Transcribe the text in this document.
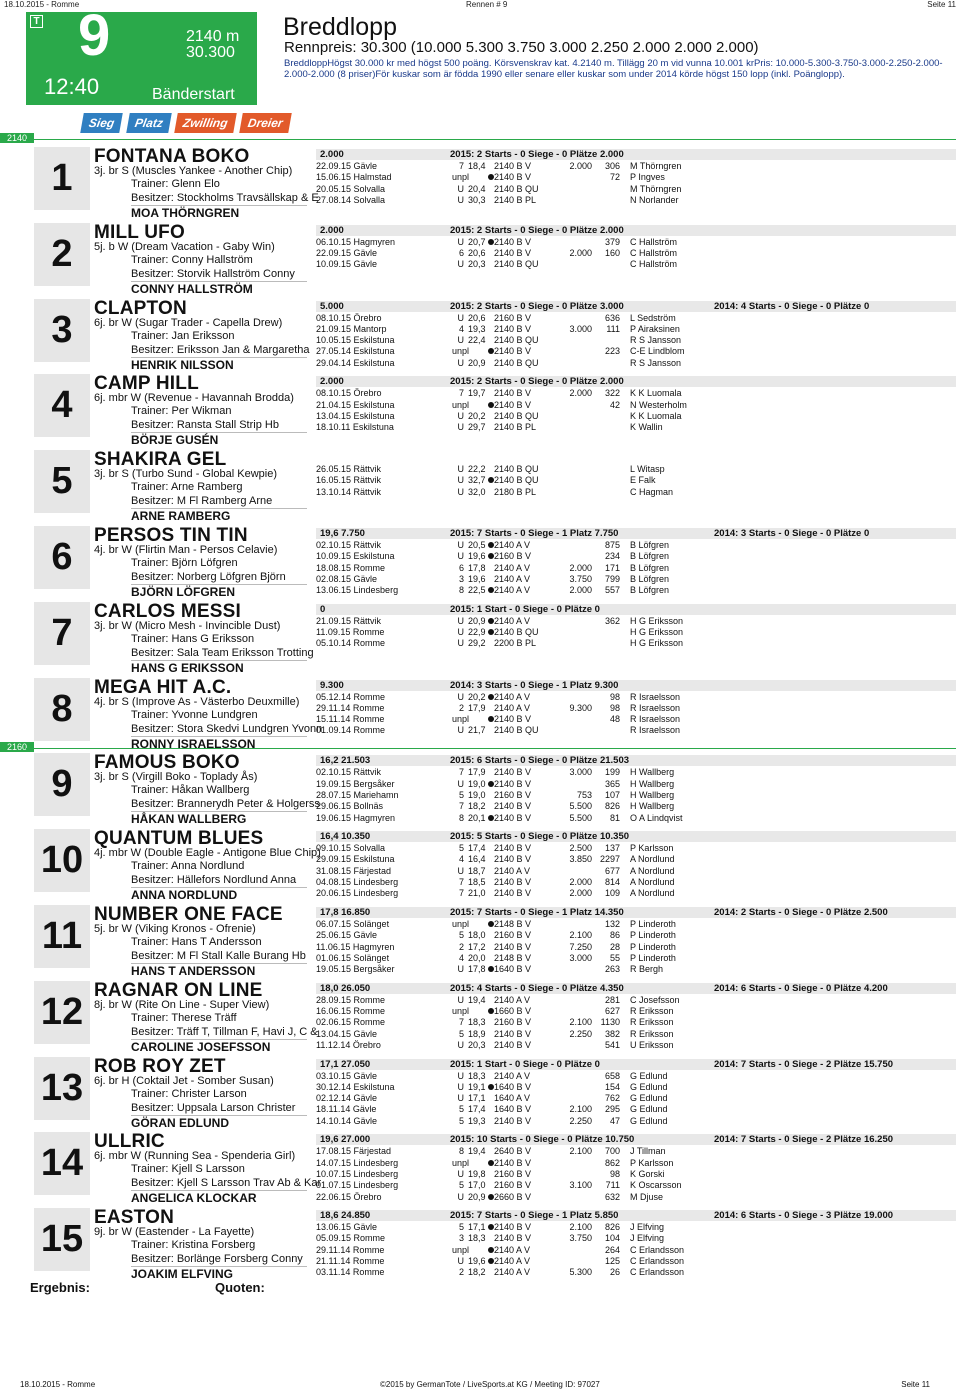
18.10.2015 - Romme	Rennen # 9	Seite 11
T 9
12:40
2140 m
30.300
Bänderstart
Breddlopp
Rennpreis: 30.300 (10.000 5.300 3.750 3.000 2.250 2.000 2.000 2.000)
BreddloppHögst 30.000 kr med högst 500 poäng. Körsvenskrav kat. 4.2140 m. Tillägg 20 m vid vunna 10.001 krPris: 10.000-5.300-3.750-3.000-2.250-2.000-2.000-2.000 (8 priser)För kuskar som är födda 1990 eller senare eller kuskar som under 2014 körde högst 150 lopp (inkl. Poänglopp).
Sieg Platz Zwilling Dreier
2140
2160
1
FONTANA BOKO
3j. br S (Muscles Yankee - Another Chip)
Trainer: Glenn Elo
Besitzer: Stockholms Travsällskap & E
MOA THÖRNGREN
2.000	2015: 2 Starts - 0 Siege - 0 Plätze 2.000
22.09.15 Gävle	7 18,4 2140 B V	2.000	306 M Thörngren
15.06.15 Halmstad	unpl	2140 B V	72 P Ingves
20.05.15 Solvalla	U 20,4 2140 B QU	M Thörngren
27.08.14 Solvalla	U 30,3 2140 B PL	N Norlander
2
MILL UFO
5j. b W (Dream Vacation - Gaby Win)
Trainer: Conny Hallström
Besitzer: Storvik Hallström Conny
CONNY HALLSTRÖM
2.000	2015: 2 Starts - 0 Siege - 0 Plätze 2.000
06.10.15 Hagmyren	U 20,7 2140 B V	379 C Hallström
22.09.15 Gävle	6 20,6 2140 B V	2.000	160 C Hallström
10.09.15 Gävle	U 20,3 2140 B QU	C Hallström
3
CLAPTON
6j. br W (Sugar Trader - Capella Drew)
Trainer: Jan Eriksson
Besitzer: Eriksson Jan & Margaretha
HENRIK NILSSON
5.000	2015: 2 Starts - 0 Siege - 0 Plätze 3.000	2014: 4 Starts - 0 Siege - 0 Plätze 0
08.10.15 Örebro	U 20,6 2160 B V	636 L Sedström
21.09.15 Mantorp	4 19,3 2140 B V	3.000	111 P Airaksinen
10.05.15 Eskilstuna	U 22,4 2140 B QU	R S Jansson
27.05.14 Eskilstuna	unpl	2140 B V	223 C-E Lindblom
29.04.14 Eskilstuna	U 20,9 2140 B QU	R S Jansson
4
CAMP HILL
6j. mbr W (Revenue - Havannah Brodda)
Trainer: Per Wikman
Besitzer: Ransta Stall Strip Hb
BÖRJE GUSÉN
2.000	2015: 2 Starts - 0 Siege - 0 Plätze 2.000
08.10.15 Örebro	7 19,7 2140 B V	2.000	322 K K Luomala
21.04.15 Eskilstuna	unpl	2140 B V	42 N Westerholm
13.04.15 Eskilstuna	U 20,2 2140 B QU	K K Luomala
18.10.11 Eskilstuna	U 29,7 2140 B PL	K Wallin
5
SHAKIRA GEL
3j. br S (Turbo Sund - Global Kewpie)
Trainer: Arne Ramberg
Besitzer: M Fl Ramberg Arne
ARNE RAMBERG
26.05.15 Rättvik	U 22,2 2140 B QU	L Witasp
16.05.15 Rättvik	U 32,7 2140 B QU	E Falk
13.10.14 Rättvik	U 32,0 2180 B PL	C Hagman
6
PERSOS TIN TIN
4j. br W (Flirtin Man - Persos Celavie)
Trainer: Björn Löfgren
Besitzer: Norberg Löfgren Björn
BJÖRN LÖFGREN
19,6 7.750	2015: 7 Starts - 0 Siege - 1 Platz 7.750	2014: 3 Starts - 0 Siege - 0 Plätze 0
02.10.15 Rättvik	U 20,5 2140 A V	875 B Löfgren
10.09.15 Eskilstuna	U 19,6 2160 B V	234 B Löfgren
18.08.15 Romme	6 17,8 2140 A V	2.000	171 B Löfgren
02.08.15 Gävle	3 19,6 2140 A V	3.750	799 B Löfgren
13.06.15 Lindesberg	8 22,5 2140 A V	2.000	557 B Löfgren
7
CARLOS MESSI
3j. br W (Micro Mesh - Invincible Dust)
Trainer: Hans G Eriksson
Besitzer: Sala Team Eriksson Trotting
HANS G ERIKSSON
0	2015: 1 Start - 0 Siege - 0 Plätze 0
21.09.15 Rättvik	U 20,9 2140 A V	362 H G Eriksson
11.09.15 Romme	U 22,9 2140 B QU	H G Eriksson
05.10.14 Romme	U 29,2 2200 B PL	H G Eriksson
8
MEGA HIT A.C.
4j. br S (Improve As - Västerbo Deuxmille)
Trainer: Yvonne Lundgren
Besitzer: Stora Skedvi Lundgren Yvonn
RONNY ISRAELSSON
9.300	2014: 3 Starts - 0 Siege - 1 Platz 9.300
05.12.14 Romme	U 20,2 2140 A V	98 R Israelsson
29.11.14 Romme	2 17,9 2140 A V	9.300	98 R Israelsson
15.11.14 Romme	unpl	2140 B V	48 R Israelsson
01.09.14 Romme	U 21,7 2140 B QU	R Israelsson
9
FAMOUS BOKO
3j. br S (Virgill Boko - Toplady Ås)
Trainer: Håkan Wallberg
Besitzer: Brannerydh Peter & Holgerss
HÅKAN WALLBERG
16,2 21.503	2015: 6 Starts - 0 Siege - 0 Plätze 21.503
02.10.15 Rättvik	7 17,9 2140 B V	3.000	199 H Wallberg
19.09.15 Bergsåker	U 19,0 2140 B V	365 H Wallberg
28.07.15 Mariehamn	5 19,0 2160 B V	753	107 H Wallberg
29.06.15 Bollnäs	7 18,2 2140 B V	5.500	826 H Wallberg
19.06.15 Hagmyren	8 20,1 2140 B V	5.500	81 O A Lindqvist
10
QUANTUM BLUES
4j. mbr W (Double Eagle - Antigone Blue Chip)
Trainer: Anna Nordlund
Besitzer: Hällefors Nordlund Anna
ANNA NORDLUND
16,4 10.350	2015: 5 Starts - 0 Siege - 0 Plätze 10.350
09.10.15 Solvalla	5 17,4 2140 B V	2.500	137 P Karlsson
29.09.15 Eskilstuna	4 16,4 2140 B V	3.850 2297 A Nordlund
31.08.15 Färjestad	U 18,7 2140 A V	677 A Nordlund
04.08.15 Lindesberg	7 18,5 2140 B V	2.000	814 A Nordlund
20.06.15 Lindesberg	7 21,0 2140 B V	2.000	109 A Nordlund
11
NUMBER ONE FACE
5j. br W (Viking Kronos - Ofrenie)
Trainer: Hans T Andersson
Besitzer: M Fl Stall Kalle Burang Hb
HANS T ANDERSSON
17,8 16.850	2015: 7 Starts - 0 Siege - 1 Platz 14.350	2014: 2 Starts - 0 Siege - 0 Plätze 2.500
06.07.15 Solänget	unpl	2148 B V	132 P Linderoth
25.06.15 Gävle	5 18,0 2160 B V	2.100	86 P Linderoth
11.06.15 Hagmyren	2 17,2 2140 B V	7.250	28 P Linderoth
01.06.15 Solänget	4 20,0 2148 B V	3.000	55 P Linderoth
19.05.15 Bergsåker	U 17,8 1640 B V	263 R Bergh
12
RAGNAR ON LINE
8j. br W (Rite On Line - Super View)
Trainer: Therese Träff
Besitzer: Träff T, Tillman F, Havi J, C &
CAROLINE JOSEFSSON
18,0 26.050	2015: 4 Starts - 0 Siege - 0 Plätze 4.350	2014: 6 Starts - 0 Siege - 0 Plätze 4.200
28.09.15 Romme	U 19,4 2140 A V	281 C Josefsson
16.06.15 Romme	unpl	1660 B V	627 R Eriksson
02.06.15 Romme	7 18,3 2160 B V	2.100 1130 R Eriksson
13.04.15 Gävle	5 18,9 2140 B V	2.250	382 R Eriksson
11.12.14 Örebro	U 20,3 2140 B V	541 U Eriksson
13
ROB ROY ZET
6j. br H (Coktail Jet - Somber Susan)
Trainer: Christer Larson
Besitzer: Uppsala Larson Christer
GÖRAN EDLUND
17,1 27.050	2015: 1 Start - 0 Siege - 0 Plätze 0	2014: 7 Starts - 0 Siege - 2 Plätze 15.750
03.10.15 Gävle	U 18,3 2140 A V	658 G Edlund
30.12.14 Eskilstuna	U 19,1 1640 B V	154 G Edlund
02.12.14 Gävle	U 17,1 1640 A V	762 G Edlund
18.11.14 Gävle	5 17,4 1640 B V	2.100	295 G Edlund
14.10.14 Gävle	5 19,3 2140 B V	2.250	47 G Edlund
14
ULLRIC
6j. mbr W (Running Sea - Spenderia Girl)
Trainer: Kjell S Larsson
Besitzer: Kjell S Larsson Trav Ab & Kar
ANGELICA KLOCKAR
19,6 27.000	2015: 10 Starts - 0 Siege - 0 Plätze 10.750	2014: 7 Starts - 0 Siege - 2 Plätze 16.250
17.08.15 Färjestad	8 19,4 2640 B V	2.100	700 J Tillman
14.07.15 Lindesberg	unpl	2140 B V	862 P Karlsson
10.07.15 Lindesberg	U 19,8 2160 B V	98 K Gorski
01.07.15 Lindesberg	5 17,0 2160 B V	3.100	711 K Oscarsson
22.06.15 Örebro	U 20,9 2660 B V	632 M Djuse
15
EASTON
9j. br W (Eastender - La Fayette)
Trainer: Kristina Forsberg
Besitzer: Borlänge Forsberg Conny
JOAKIM ELFVING
18,6 24.850	2015: 7 Starts - 0 Siege - 1 Platz 5.850	2014: 6 Starts - 0 Siege - 3 Plätze 19.000
13.06.15 Gävle	5 17,1 2140 B V	2.100	826 J Elfving
05.09.15 Romme	3 18,3 2140 B V	3.750	104 J Elfving
29.11.14 Romme	unpl	2140 A V	264 C Erlandsson
21.11.14 Romme	U 19,6 2140 A V	125 C Erlandsson
03.11.14 Romme	2 18,2 2140 A V	5.300	26 C Erlandsson
Ergebnis:	Quoten:
18.10.2015 - Romme	©2015 by GermanTote / LiveSports.at KG / Meeting ID: 97027	Seite 11
